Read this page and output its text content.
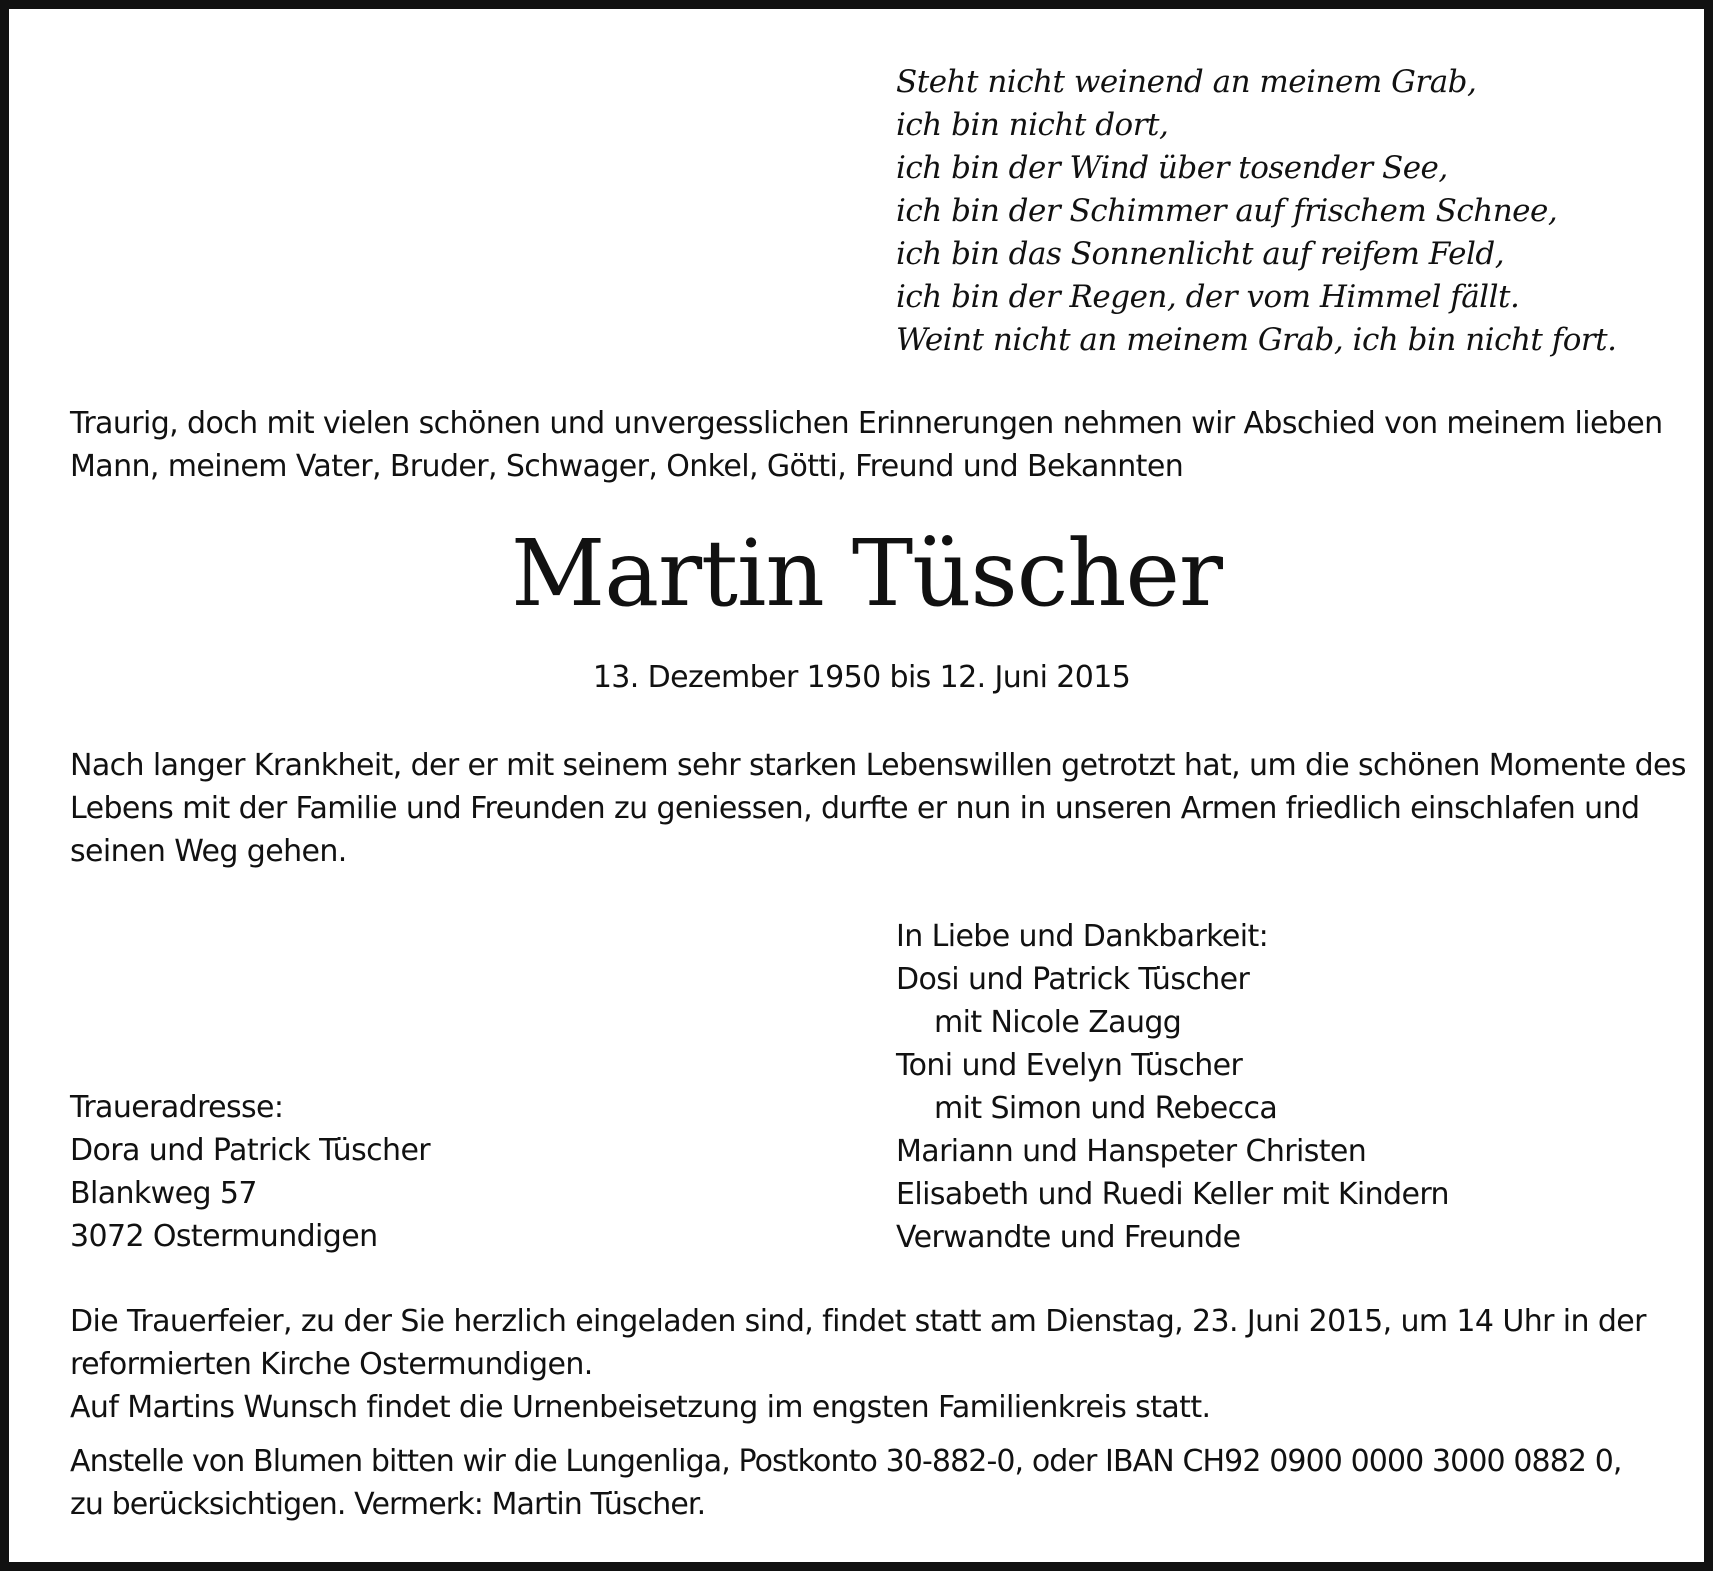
Steht nicht weinend an meinem Grab,
ich bin nicht dort,
ich bin der Wind über tosender See,
ich bin der Schimmer auf frischem Schnee,
ich bin das Sonnenlicht auf reifem Feld,
ich bin der Regen, der vom Himmel fällt.
Weint nicht an meinem Grab, ich bin nicht fort.
Traurig, doch mit vielen schönen und unvergesslichen Erinnerungen nehmen wir Abschied von meinem lieben
Mann, meinem Vater, Bruder, Schwager, Onkel, Götti, Freund und Bekannten
Martin Tüscher
13. Dezember 1950 bis 12. Juni 2015
Nach langer Krankheit, der er mit seinem sehr starken Lebenswillen getrotzt hat, um die schönen Momente des
Lebens mit der Familie und Freunden zu geniessen, durfte er nun in unseren Armen friedlich einschlafen und
seinen Weg gehen.
In Liebe und Dankbarkeit:
Dosi und Patrick Tüscher
mit Nicole Zaugg
Toni und Evelyn Tüscher
mit Simon und Rebecca
Mariann und Hanspeter Christen
Elisabeth und Ruedi Keller mit Kindern
Verwandte und Freunde
Traueradresse:
Dora und Patrick Tüscher
Blankweg 57
3072 Ostermundigen
Die Trauerfeier, zu der Sie herzlich eingeladen sind, findet statt am Dienstag, 23. Juni 2015, um 14 Uhr in der
reformierten Kirche Ostermundigen.
Auf Martins Wunsch findet die Urnenbeisetzung im engsten Familienkreis statt.
Anstelle von Blumen bitten wir die Lungenliga, Postkonto 30-882-0, oder IBAN CH92 0900 0000 3000 0882 0,
zu berücksichtigen. Vermerk: Martin Tüscher.
